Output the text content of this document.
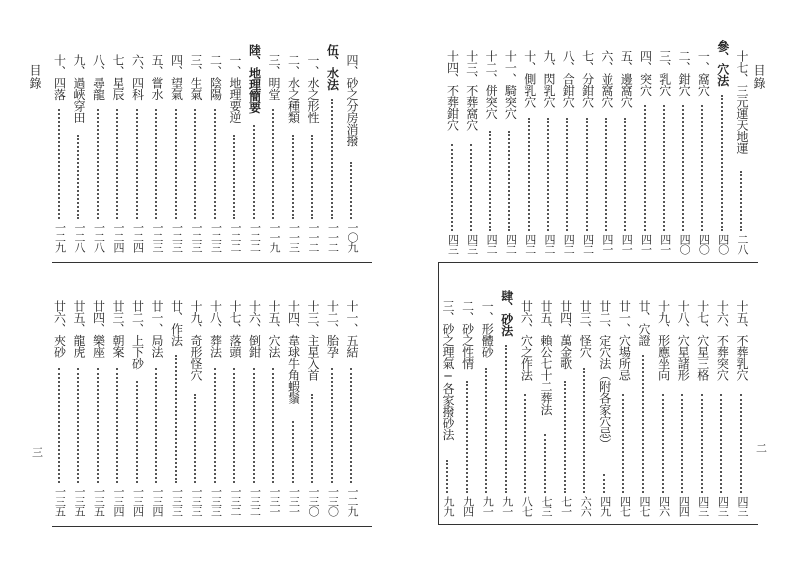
目錄	目錄
三	二
十七、三元運天地運
二八
參、穴法
四〇
一、窩穴
四〇
二、鉗穴
四〇
三、乳穴
四一
四、突穴
四一
五、邊窩穴
四一
六、並窩穴
四一
七、分鉗穴
四二
八、合鉗穴
四二
九、閃乳穴
四二
十、側乳穴
四二
十一、騎突穴
四二
十二、併突穴
四二
十三、不葬窩穴
四三
十四、不葬鉗穴
四三
十五、不葬乳穴
四三
十六、不葬突穴
四三
十七、穴星三格
四三
十八、穴星諸形
四四
十九、形應坐向
四六
廿、穴證
四七
廿一、穴場所忌
四七
廿二、定穴法（附各家穴忌）
四九
廿三、怪穴
六六
廿四、萬金歌
七一
廿五、賴公七十二葬法
七三
廿六、穴之作法
八七
肆、砂法
九一
一、形體砂
九一
二、砂之性情
九四
三、砂之理氣─各家撥砂法
九九
四、砂之分房消撥
一〇九
伍、水法
一一二
一、水之形性
一一二
二、水之種類
一一三
三、明堂
一一九
陸、地理簡要
一二二
一、地理要逆
一二二
二、陰陽
一二三
三、生氣
一二三
四、望氣
一二三
五、嘗水
一二三
六、四科
一二四
七、星辰
一二四
八、尋龍
一二八
九、過峽穿田
一二八
十、四落
一二九
十一、五結
一二九
十二、胎孕
一三〇
十三、主星入首
一三〇
十四、韋球牛角蝦鬚
一三一
十五、穴法
一三一
十六、倒鉗
一三二
十七、落頭
一三二
十八、葬法
一三三
十九、奇形怪穴
一三三
廿、作法
一三三
廿一、局法
一三四
廿二、上下砂
一三四
廿三、朝案
一三四
廿四、樂座
一三五
廿五、龍虎
一三五
廿六、夾砂
一三五
